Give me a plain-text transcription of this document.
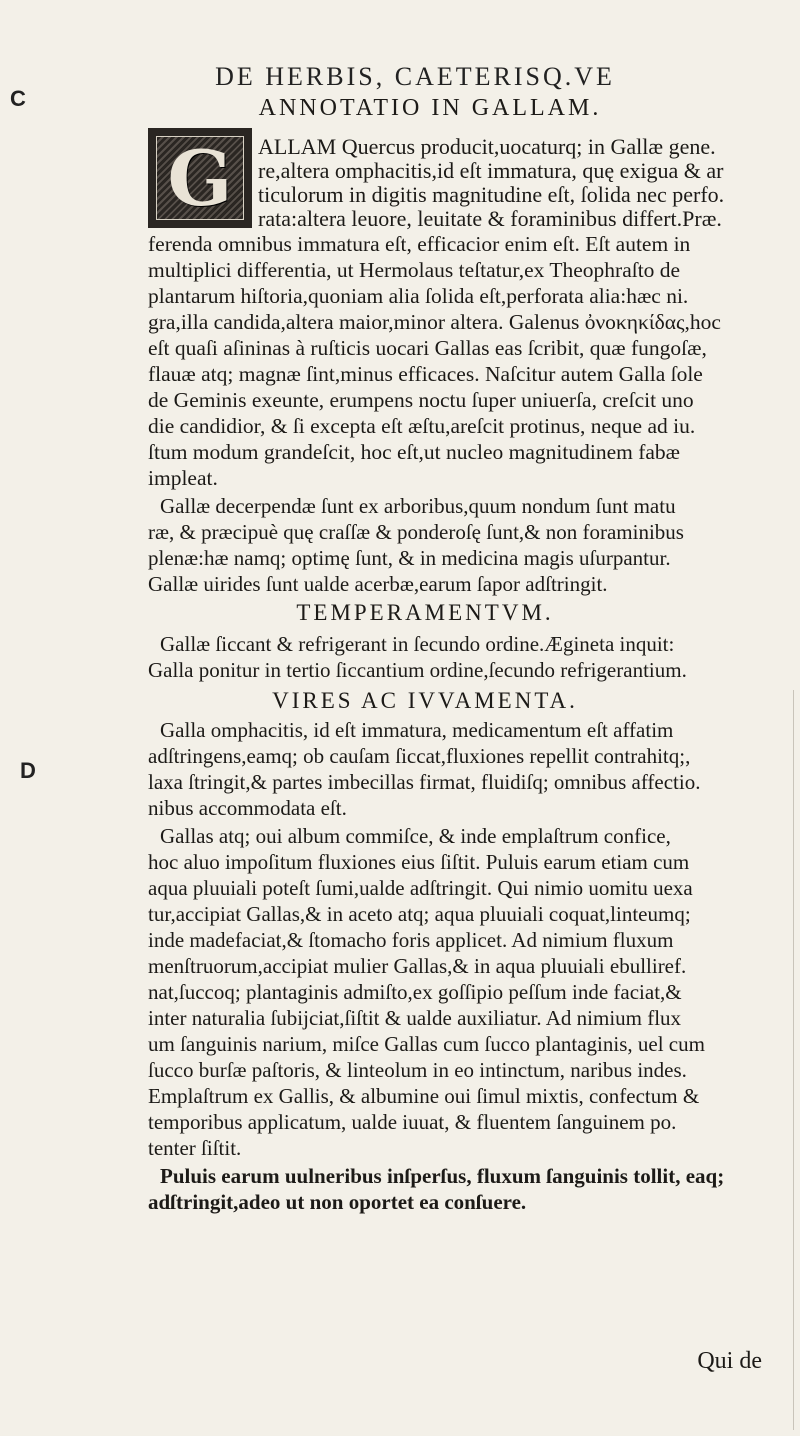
DE HERBIS, CAETERISQ.VE
C
D
ANNOTATIO IN GALLAM.
G	ALLAM Quercus producit,uocaturq; in Gallæ gene.
re,altera omphacitis,id eſt immatura, quę exigua & ar
ticulorum in digitis magnitudine eſt, ſolida nec perfo.
rata:altera leuore, leuitate & foraminibus differt.Præ.
ferenda omnibus immatura eſt, efficacior enim eſt. Eſt autem in
multiplici differentia, ut Hermolaus teſtatur,ex Theophraſto de
plantarum hiſtoria,quoniam alia ſolida eſt,perforata alia:hæc ni.
gra,illa candida,altera maior,minor altera. Galenus ὀνοκηκίδας,hoc
eſt quaſi aſininas à ruſticis uocari Gallas eas ſcribit, quæ fungoſæ,
flauæ atq; magnæ ſint,minus efficaces. Naſcitur autem Galla ſole
de Geminis exeunte, erumpens noctu ſuper uniuerſa, creſcit uno
die candidior, & ſi excepta eſt æſtu,areſcit protinus, neque ad iu.
ſtum modum grandeſcit, hoc eſt,ut nucleo magnitudinem fabæ
impleat.
Gallæ decerpendæ ſunt ex arboribus,quum nondum ſunt matu
ræ, & præcipuè quę craſſæ & ponderoſę ſunt,& non foraminibus
plenæ:hæ namq; optimę ſunt, & in medicina magis uſurpantur.
Gallæ uirides ſunt ualde acerbæ,earum ſapor adſtringit.
TEMPERAMENTVM.
Gallæ ſiccant & refrigerant in ſecundo ordine.Ægineta inquit:
Galla ponitur in tertio ſiccantium ordine,ſecundo refrigerantium.
VIRES AC IVVAMENTA.
Galla omphacitis, id eſt immatura, medicamentum eſt affatim
adſtringens,eamq; ob cauſam ſiccat,fluxiones repellit contrahitq;,
laxa ſtringit,& partes imbecillas firmat, fluidiſq; omnibus affectio.
nibus accommodata eſt.
Gallas atq; oui album commiſce, & inde emplaſtrum confice,
hoc aluo impoſitum fluxiones eius ſiſtit. Puluis earum etiam cum
aqua pluuiali poteſt ſumi,ualde adſtringit. Qui nimio uomitu uexa
tur,accipiat Gallas,& in aceto atq; aqua pluuiali coquat,linteumq;
inde madefaciat,& ſtomacho foris applicet. Ad nimium fluxum
menſtruorum,accipiat mulier Gallas,& in aqua pluuiali ebulliref.
nat,ſuccoq; plantaginis admiſto,ex goſſipio peſſum inde faciat,&
inter naturalia ſubijciat,ſiſtit & ualde auxiliatur. Ad nimium flux
um ſanguinis narium, miſce Gallas cum ſucco plantaginis, uel cum
ſucco burſæ paſtoris, & linteolum in eo intinctum, naribus indes.
Emplaſtrum ex Gallis, & albumine oui ſimul mixtis, confectum &
temporibus applicatum, ualde iuuat, & fluentem ſanguinem po.
tenter ſiſtit.
Puluis earum uulneribus inſperſus, fluxum ſanguinis tollit, eaq;
adſtringit,adeo ut non oportet ea conſuere.
Qui de
